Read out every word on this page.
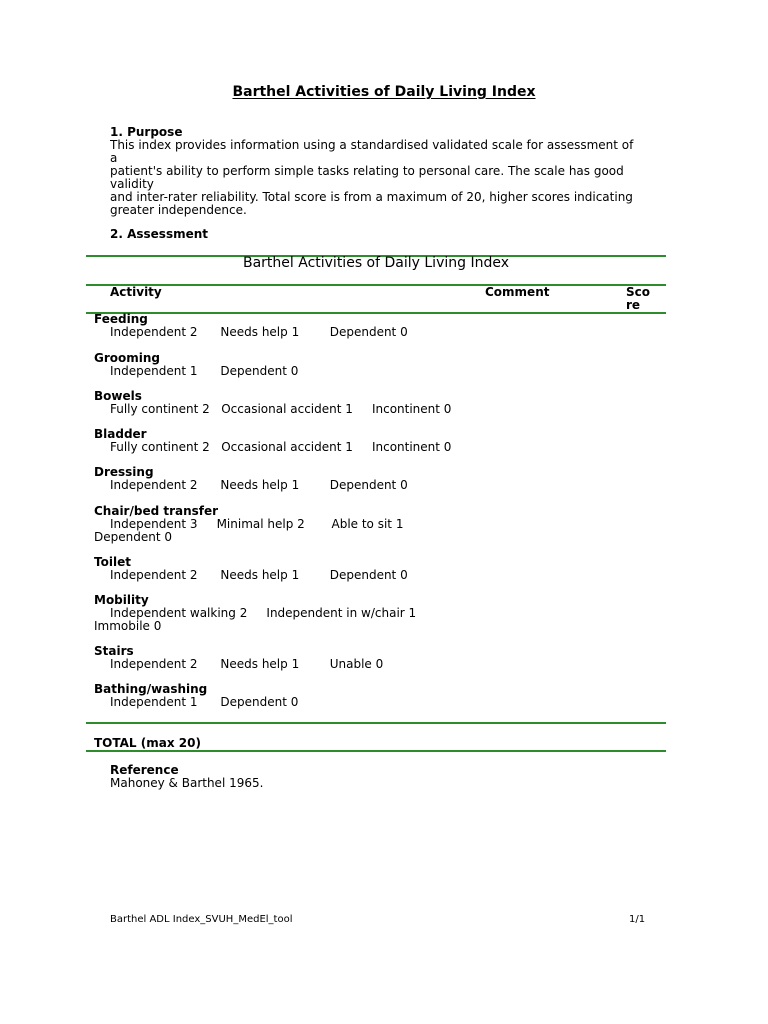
Barthel Activities of Daily Living Index
1. Purpose
This index provides information using a standardised validated scale for assessment of a
patient's ability to perform simple tasks relating to personal care. The scale has good validity
and inter-rater reliability. Total score is from a maximum of 20, higher scores indicating
greater independence.
2. Assessment
Barthel Activities of Daily Living Index
Activity	Comment	Score
Feeding
Independent 2      Needs help 1        Dependent 0
Grooming
Independent 1      Dependent 0
Bowels
Fully continent 2   Occasional accident 1     Incontinent 0
Bladder
Fully continent 2   Occasional accident 1     Incontinent 0
Dressing
Independent 2      Needs help 1        Dependent 0
Chair/bed transfer
Independent 3     Minimal help 2       Able to sit 1
Dependent 0
Toilet
Independent 2      Needs help 1        Dependent 0
Mobility
Independent walking 2     Independent in w/chair 1
Immobile 0
Stairs
Independent 2      Needs help 1        Unable 0
Bathing/washing
Independent 1      Dependent 0
TOTAL (max 20)
Reference
Mahoney & Barthel 1965.
Barthel ADL Index_SVUH_MedEl_tool	1/1
